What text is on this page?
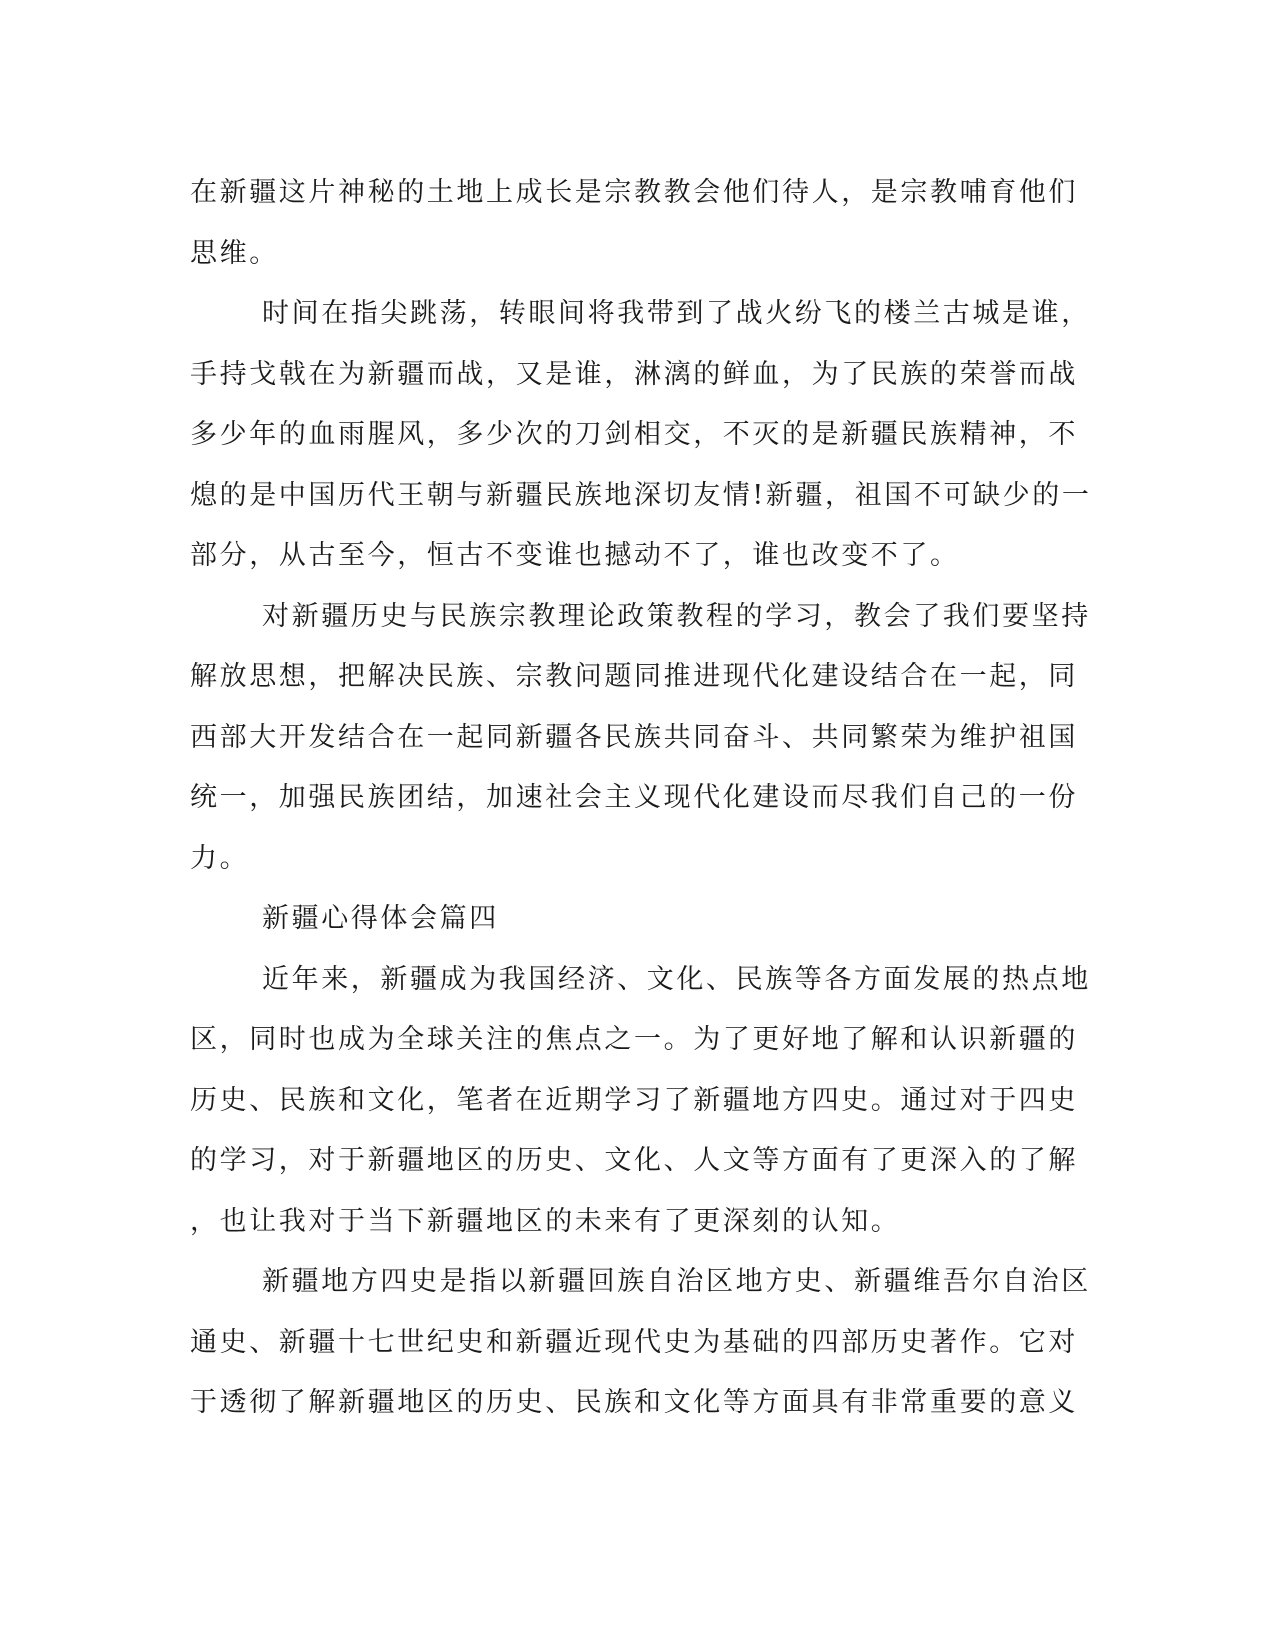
在新疆这片神秘的土地上成长是宗教教会他们待人，是宗教哺育他们
思维。
时间在指尖跳荡，转眼间将我带到了战火纷飞的楼兰古城是谁，
手持戈戟在为新疆而战，又是谁，淋漓的鲜血，为了民族的荣誉而战
多少年的血雨腥风，多少次的刀剑相交，不灭的是新疆民族精神，不
熄的是中国历代王朝与新疆民族地深切友情!新疆，祖国不可缺少的一
部分，从古至今，恒古不变谁也撼动不了，谁也改变不了。
对新疆历史与民族宗教理论政策教程的学习，教会了我们要坚持
解放思想，把解决民族、宗教问题同推进现代化建设结合在一起，同
西部大开发结合在一起同新疆各民族共同奋斗、共同繁荣为维护祖国
统一，加强民族团结，加速社会主义现代化建设而尽我们自己的一份
力。
新疆心得体会篇四
近年来，新疆成为我国经济、文化、民族等各方面发展的热点地
区，同时也成为全球关注的焦点之一。为了更好地了解和认识新疆的
历史、民族和文化，笔者在近期学习了新疆地方四史。通过对于四史
的学习，对于新疆地区的历史、文化、人文等方面有了更深入的了解
，也让我对于当下新疆地区的未来有了更深刻的认知。
新疆地方四史是指以新疆回族自治区地方史、新疆维吾尔自治区
通史、新疆十七世纪史和新疆近现代史为基础的四部历史著作。它对
于透彻了解新疆地区的历史、民族和文化等方面具有非常重要的意义
